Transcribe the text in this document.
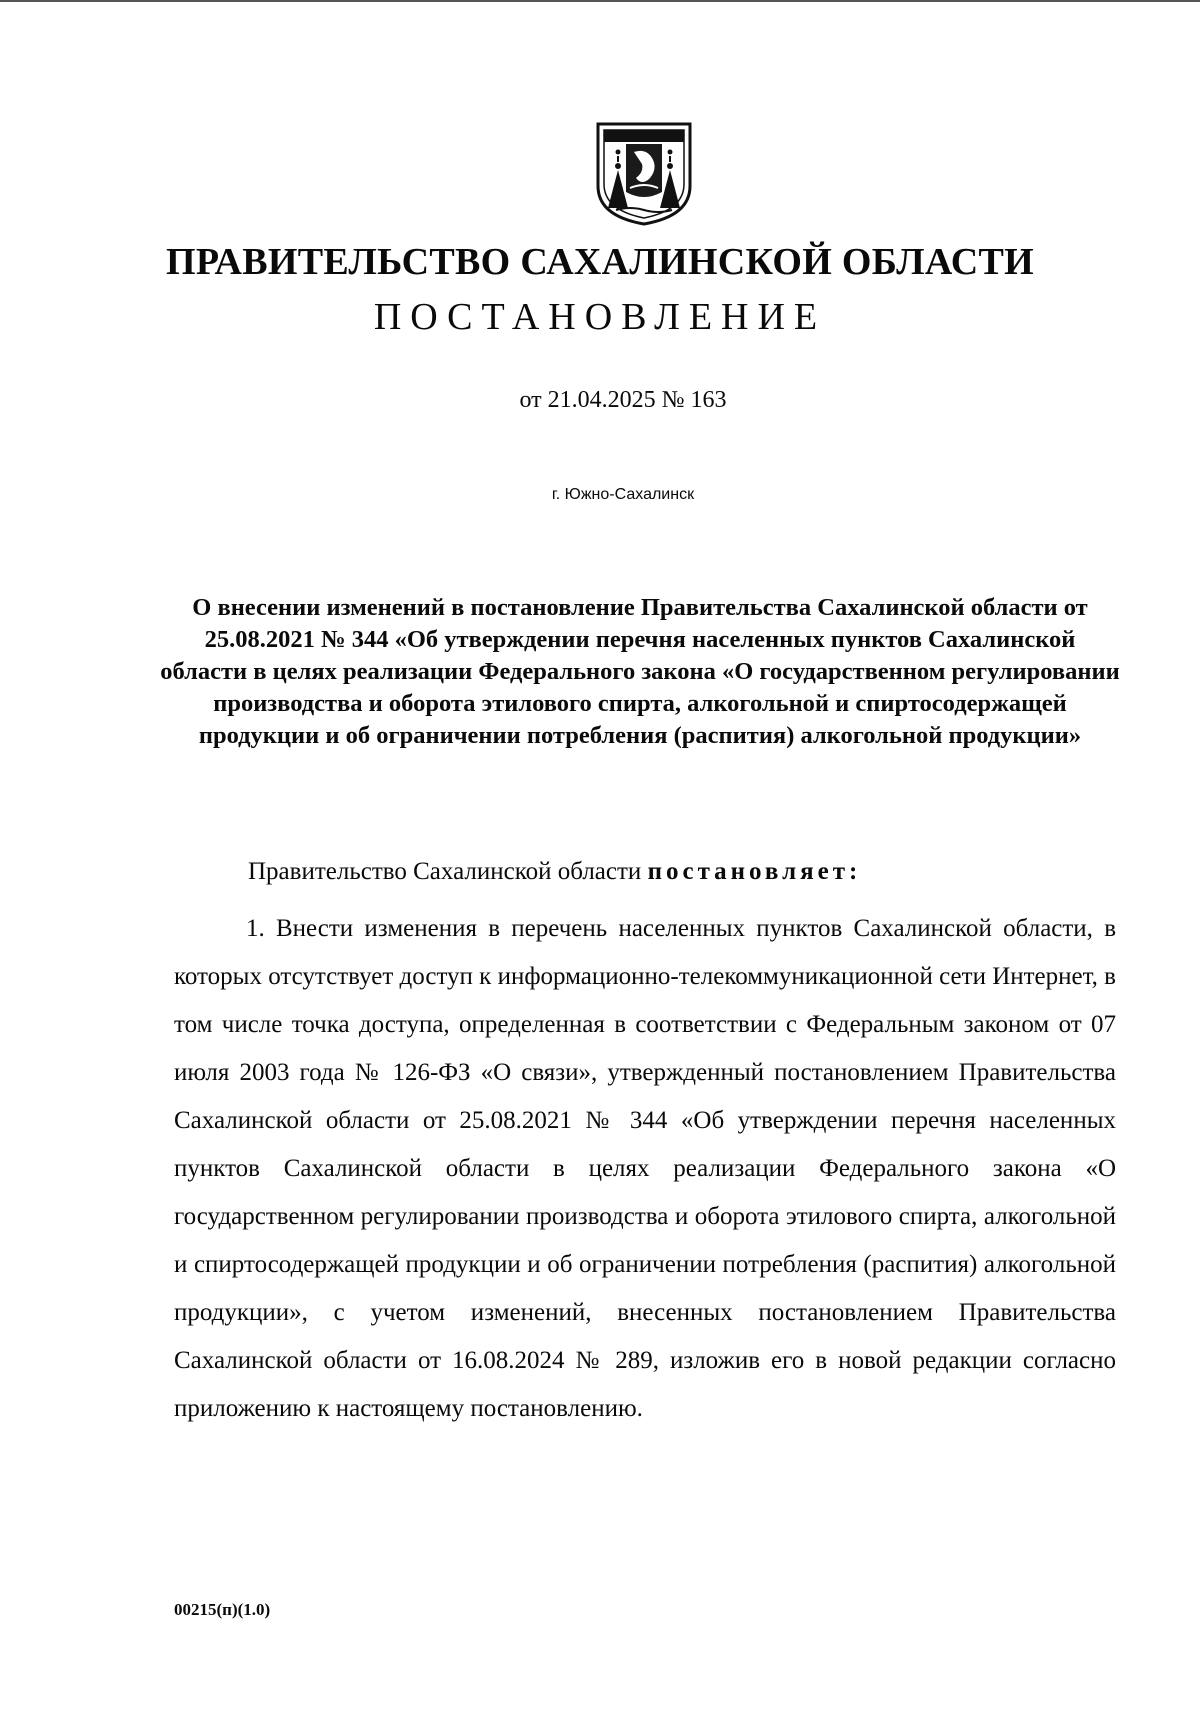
ПРАВИТЕЛЬСТВО САХАЛИНСКОЙ ОБЛАСТИ
ПОСТАНОВЛЕНИЕ
от 21.04.2025 № 163
г. Южно-Сахалинск
О внесении изменений в постановление Правительства Сахалинской области от 25.08.2021 № 344 «Об утверждении перечня населенных пунктов Сахалинской области в целях реализации Федерального закона «О государственном регулировании производства и оборота этилового спирта, алкогольной и спиртосодержащей продукции и об ограничении потребления (распития) алкогольной продукции»
Правительство Сахалинской области постановляет:

1. Внести изменения в перечень населенных пунктов Сахалинской области, в которых отсутствует доступ к информационно-телекоммуникационной сети Интернет, в том числе точка доступа, определенная в соответствии с Федеральным законом от 07 июля 2003 года № 126-ФЗ «О связи», утвержденный постановлением Правительства Сахалинской области от 25.08.2021 № 344 «Об утверждении перечня населенных пунктов Сахалинской области в целях реализации Федерального закона «О государственном регулировании производства и оборота этилового спирта, алкогольной и спиртосодержащей продукции и об ограничении потребления (распития) алкогольной продукции», с учетом изменений, внесенных постановлением Правительства Сахалинской области от 16.08.2024 № 289, изложив его в новой редакции согласно приложению к настоящему постановлению.

00215(п)(1.0)
